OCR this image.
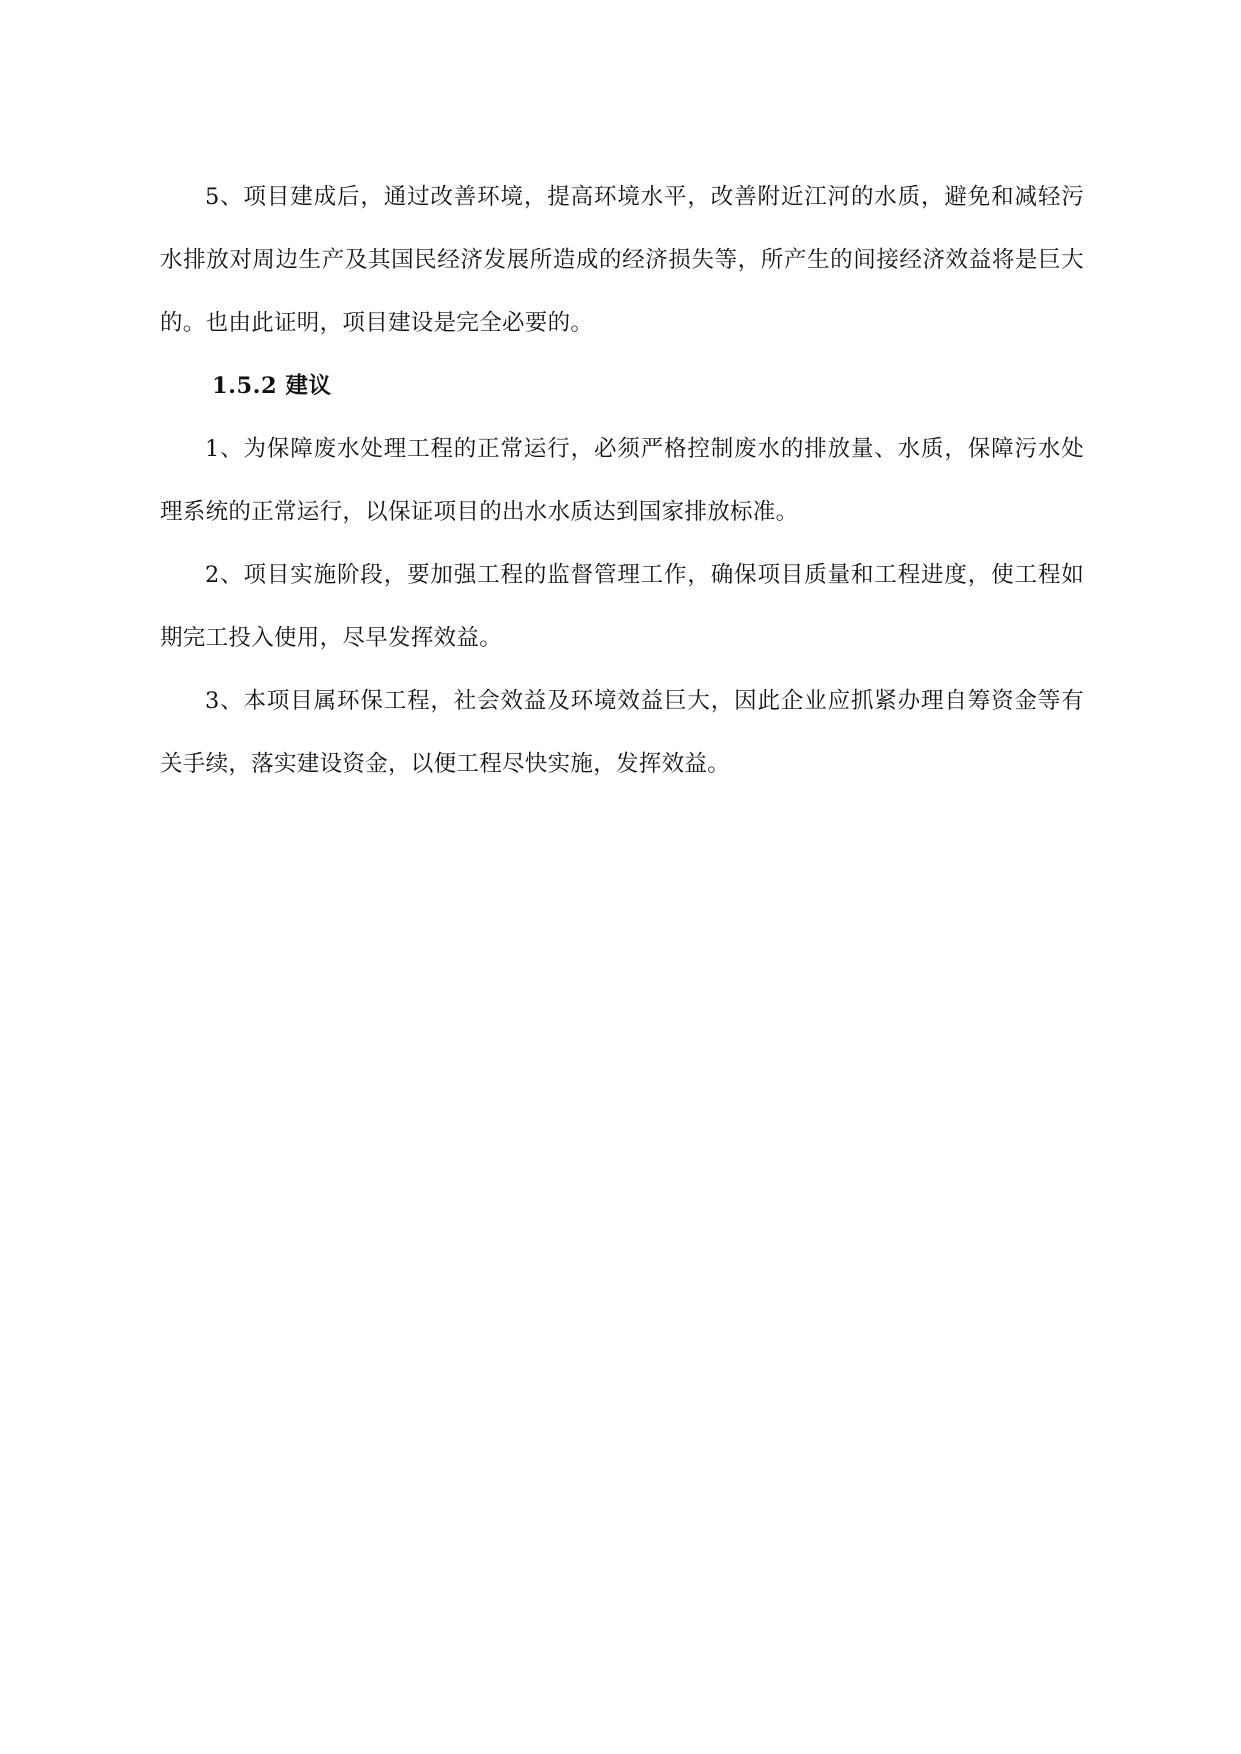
5、项目建成后，通过改善环境，提高环境水平，改善附近江河的水质，避免和减轻污水排放对周边生产及其国民经济发展所造成的经济损失等，所产生的间接经济效益将是巨大的。也由此证明，项目建设是完全必要的。

1.5.2 建议

1、为保障废水处理工程的正常运行，必须严格控制废水的排放量、水质，保障污水处理系统的正常运行，以保证项目的出水水质达到国家排放标准。

2、项目实施阶段，要加强工程的监督管理工作，确保项目质量和工程进度，使工程如期完工投入使用，尽早发挥效益。

3、本项目属环保工程，社会效益及环境效益巨大，因此企业应抓紧办理自筹资金等有关手续，落实建设资金，以便工程尽快实施，发挥效益。
